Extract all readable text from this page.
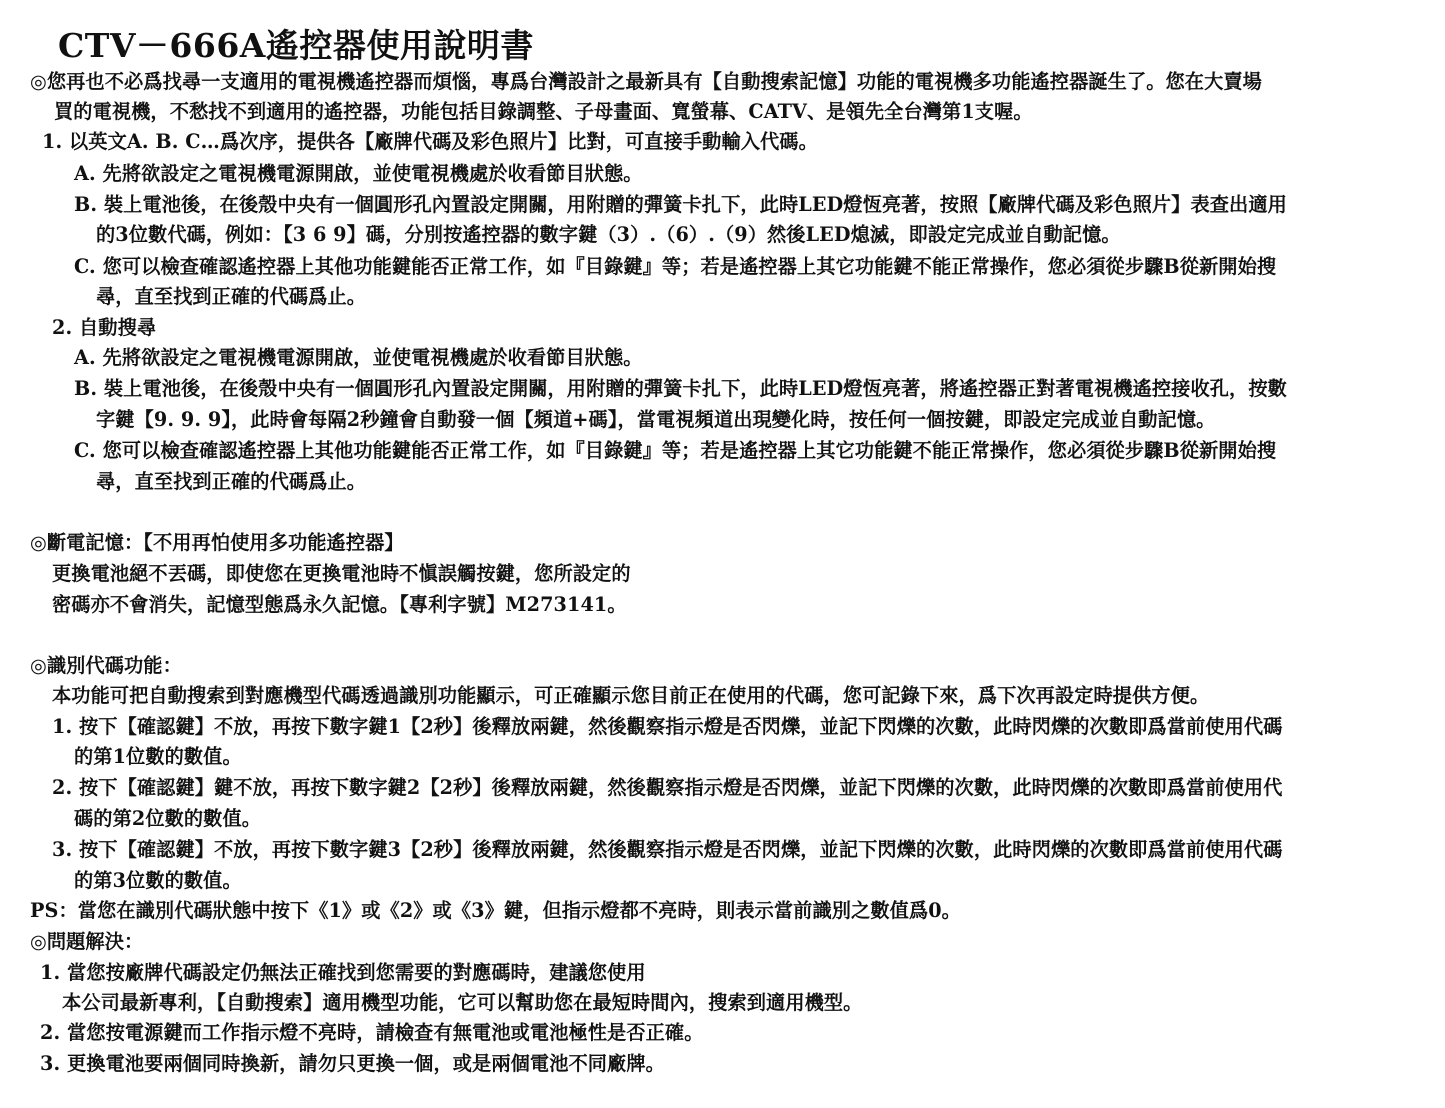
CTV－666A遙控器使用說明書
◎您再也不必爲找尋一支適用的電視機遙控器而煩惱，專爲台灣設計之最新具有【自動搜索記憶】功能的電視機多功能遙控器誕生了。您在大賣場
買的電視機，不愁找不到適用的遙控器，功能包括目錄調整、子母畫面、寬螢幕、CATV、是領先全台灣第1支喔。
1. 以英文A. B. C…爲次序，提供各【廠牌代碼及彩色照片】比對，可直接手動輸入代碼。
A. 先將欲設定之電視機電源開啟，並使電視機處於收看節目狀態。
B. 裝上電池後，在後殼中央有一個圓形孔內置設定開關，用附贈的彈簧卡扎下，此時LED燈恆亮著，按照【廠牌代碼及彩色照片】表查出適用
的3位數代碼，例如：【3 6 9】碼，分別按遙控器的數字鍵（3）.（6）.（9）然後LED熄滅，即設定完成並自動記憶。
C. 您可以檢查確認遙控器上其他功能鍵能否正常工作，如『目錄鍵』等；若是遙控器上其它功能鍵不能正常操作，您必須從步驟B從新開始搜
尋，直至找到正確的代碼爲止。
2. 自動搜尋
A. 先將欲設定之電視機電源開啟，並使電視機處於收看節目狀態。
B. 裝上電池後，在後殼中央有一個圓形孔內置設定開關，用附贈的彈簧卡扎下，此時LED燈恆亮著，將遙控器正對著電視機遙控接收孔，按數
字鍵【9. 9. 9】，此時會每隔2秒鐘會自動發一個【頻道+碼】，當電視頻道出現變化時，按任何一個按鍵，即設定完成並自動記憶。
C. 您可以檢查確認遙控器上其他功能鍵能否正常工作，如『目錄鍵』等；若是遙控器上其它功能鍵不能正常操作，您必須從步驟B從新開始搜
尋，直至找到正確的代碼爲止。
◎斷電記憶：【不用再怕使用多功能遙控器】
更換電池絕不丟碼，即使您在更換電池時不愼誤觸按鍵，您所設定的
密碼亦不會消失，記憶型態爲永久記憶。【專利字號】M273141。
◎識別代碼功能：
本功能可把自動搜索到對應機型代碼透過識別功能顯示，可正確顯示您目前正在使用的代碼，您可記錄下來，爲下次再設定時提供方便。
1. 按下【確認鍵】不放，再按下數字鍵1【2秒】後釋放兩鍵，然後觀察指示燈是否閃爍，並記下閃爍的次數，此時閃爍的次數即爲當前使用代碼
的第1位數的數值。
2. 按下【確認鍵】鍵不放，再按下數字鍵2【2秒】後釋放兩鍵，然後觀察指示燈是否閃爍，並記下閃爍的次數，此時閃爍的次數即爲當前使用代
碼的第2位數的數值。
3. 按下【確認鍵】不放，再按下數字鍵3【2秒】後釋放兩鍵，然後觀察指示燈是否閃爍，並記下閃爍的次數，此時閃爍的次數即爲當前使用代碼
的第3位數的數值。
PS：當您在識別代碼狀態中按下《1》或《2》或《3》鍵，但指示燈都不亮時，則表示當前識別之數值爲0。
◎問題解決：
1. 當您按廠牌代碼設定仍無法正確找到您需要的對應碼時，建議您使用
本公司最新專利，【自動搜索】適用機型功能，它可以幫助您在最短時間內，搜索到適用機型。
2. 當您按電源鍵而工作指示燈不亮時，請檢查有無電池或電池極性是否正確。
3. 更換電池要兩個同時換新，請勿只更換一個，或是兩個電池不同廠牌。
